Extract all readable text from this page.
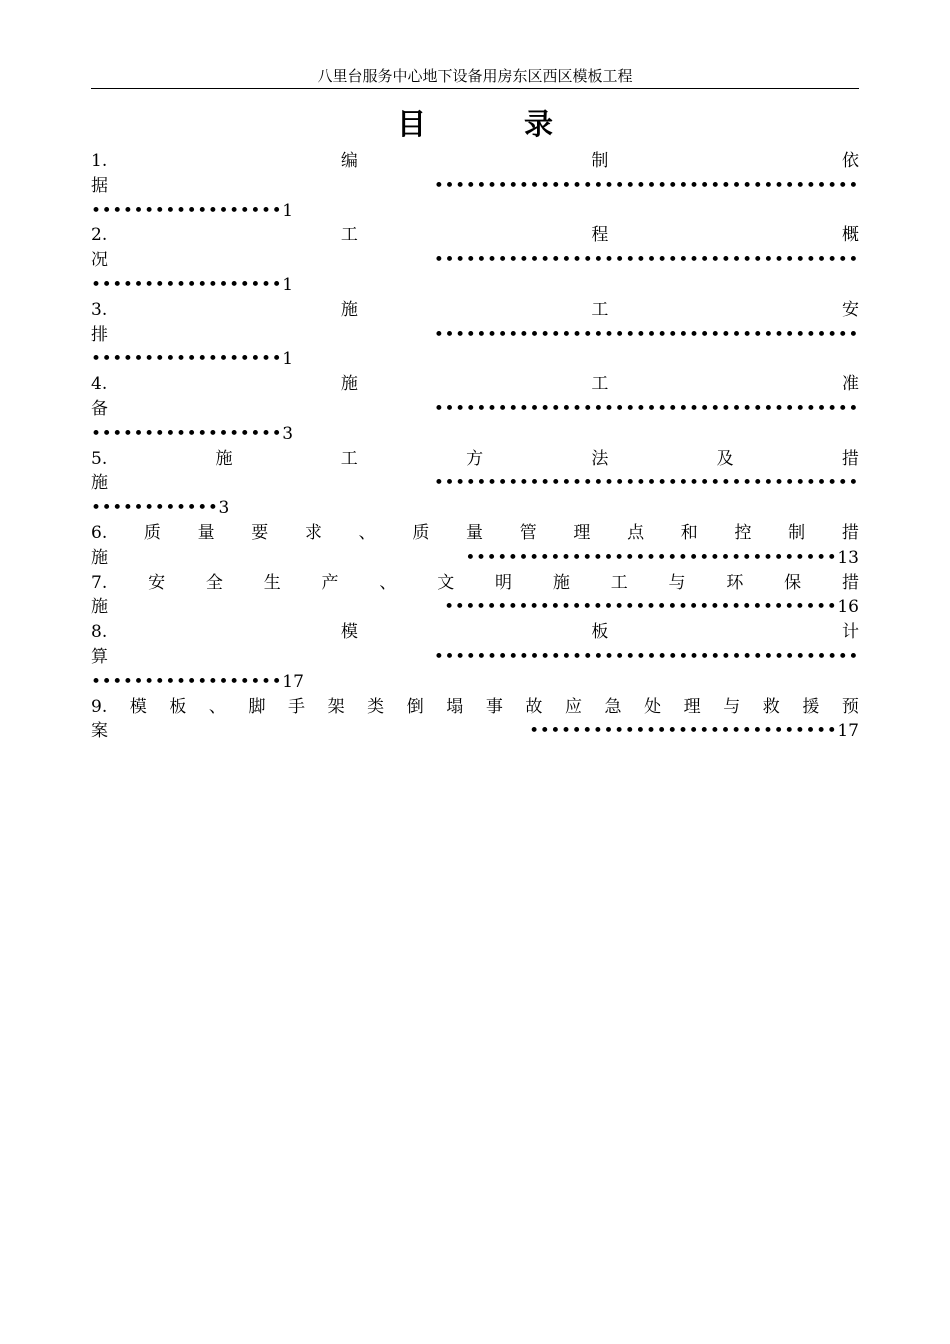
八里台服务中心地下设备用房东区西区模板工程
目 录
1.	编	制	依
据	••••••••••••••••••••••••••••••••••••••••
••••••••••••••••••1
2.	工	程	概
况	••••••••••••••••••••••••••••••••••••••••
••••••••••••••••••1
3.	施	工	安
排	••••••••••••••••••••••••••••••••••••••••
••••••••••••••••••1
4.	施	工	准
备	••••••••••••••••••••••••••••••••••••••••
••••••••••••••••••3
5.	施	工	方	法	及	措
施	••••••••••••••••••••••••••••••••••••••••
••••••••••••3
6. 质 量 要 求 、 质 量 管 理 点 和 控 制 措
施	•••••••••••••••••••••••••••••••••••13
7. 安 全 生 产 、 文 明 施 工 与 环 保 措
施	•••••••••••••••••••••••••••••••••••••16
8.	模	板	计
算	••••••••••••••••••••••••••••••••••••••••
••••••••••••••••••17
9. 模 板 、 脚 手 架 类 倒 塌 事 故 应 急 处 理 与 救 援 预
案	•••••••••••••••••••••••••••••17
